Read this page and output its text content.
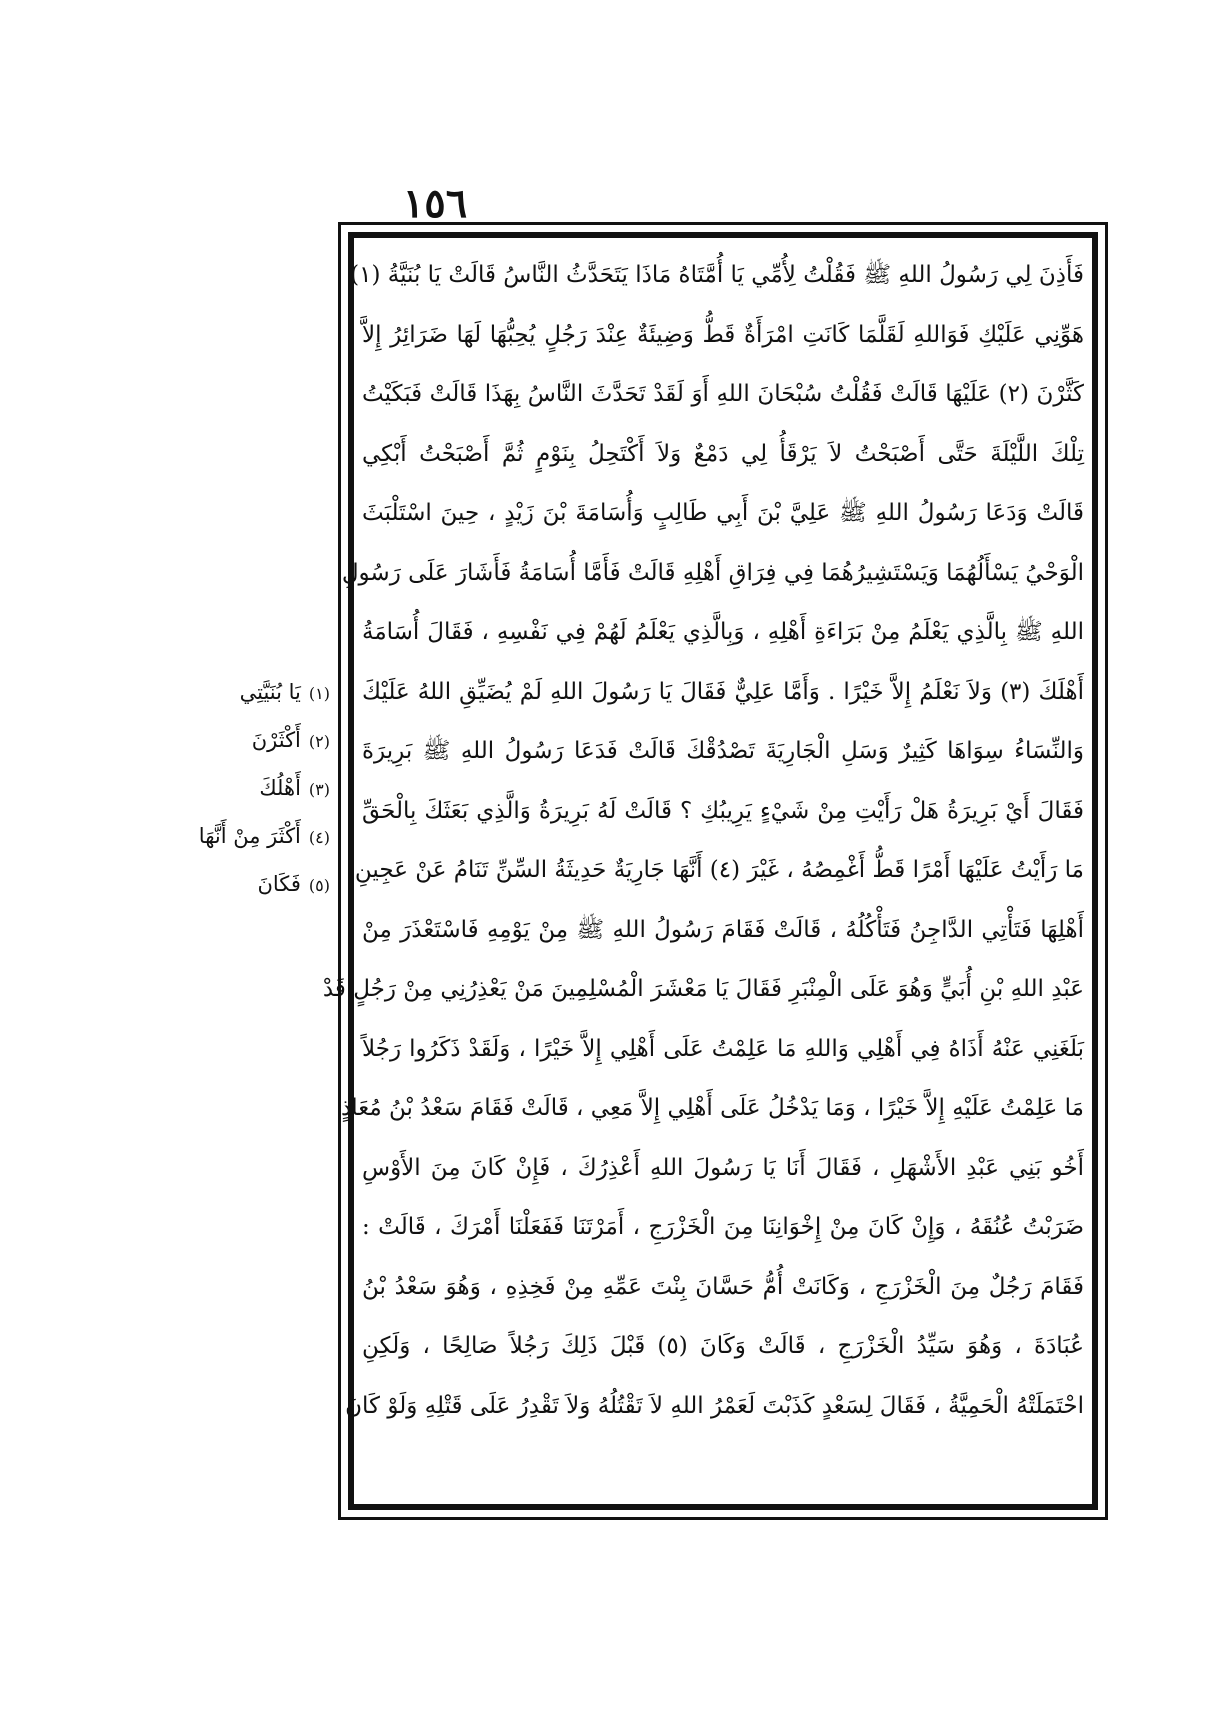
١٥٦
فَأَذِنَ لِي رَسُولُ اللهِ ﷺ فَقُلْتُ لِأُمِّي يَا أُمَّتَاهُ مَاذَا يَتَحَدَّثُ النَّاسُ قَالَتْ يَا بُنَيَّةُ (١)
هَوِّنِي عَلَيْكِ فَوَاللهِ لَقَلَّمَا كَانَتِ امْرَأَةٌ قَطُّ وَضِيئَةٌ عِنْدَ رَجُلٍ يُحِبُّهَا لَهَا ضَرَائِرُ إِلاَّ
كَثَّرْنَ (٢) عَلَيْهَا قَالَتْ فَقُلْتُ سُبْحَانَ اللهِ أَوَ لَقَدْ تَحَدَّثَ النَّاسُ بِهَذَا قَالَتْ فَبَكَيْتُ
تِلْكَ اللَّيْلَةَ حَتَّى أَصْبَحْتُ لاَ يَرْقَأُ لِي دَمْعٌ وَلاَ أَكْتَحِلُ بِنَوْمٍ ثُمَّ أَصْبَحْتُ أَبْكِي
قَالَتْ وَدَعَا رَسُولُ اللهِ ﷺ عَلِيَّ بْنَ أَبِي طَالِبٍ وَأُسَامَةَ بْنَ زَيْدٍ ، حِينَ اسْتَلْبَثَ
الْوَحْيُ يَسْأَلُهُمَا وَيَسْتَشِيرُهُمَا فِي فِرَاقِ أَهْلِهِ قَالَتْ فَأَمَّا أُسَامَةُ فَأَشَارَ عَلَى رَسُولِ
اللهِ ﷺ بِالَّذِي يَعْلَمُ مِنْ بَرَاءَةِ أَهْلِهِ ، وَبِالَّذِي يَعْلَمُ لَهُمْ فِي نَفْسِهِ ، فَقَالَ أُسَامَةُ
أَهْلَكَ (٣) وَلاَ نَعْلَمُ إِلاَّ خَيْرًا . وَأَمَّا عَلِيٌّ فَقَالَ يَا رَسُولَ اللهِ لَمْ يُضَيِّقِ اللهُ عَلَيْكَ
وَالنِّسَاءُ سِوَاهَا كَثِيرٌ وَسَلِ الْجَارِيَةَ تَصْدُقْكَ قَالَتْ فَدَعَا رَسُولُ اللهِ ﷺ بَرِيرَةَ
فَقَالَ أَيْ بَرِيرَةُ هَلْ رَأَيْتِ مِنْ شَيْءٍ يَرِيبُكِ ؟ قَالَتْ لَهُ بَرِيرَةُ وَالَّذِي بَعَثَكَ بِالْحَقِّ
مَا رَأَيْتُ عَلَيْهَا أَمْرًا قَطُّ أَغْمِصُهُ ، غَيْرَ (٤) أَنَّهَا جَارِيَةٌ حَدِيثَةُ السِّنِّ تَنَامُ عَنْ عَجِينِ
أَهْلِهَا فَتَأْتِي الدَّاجِنُ فَتَأْكُلُهُ ، قَالَتْ فَقَامَ رَسُولُ اللهِ ﷺ مِنْ يَوْمِهِ فَاسْتَعْذَرَ مِنْ
عَبْدِ اللهِ بْنِ أُبَيٍّ وَهُوَ عَلَى الْمِنْبَرِ فَقَالَ يَا مَعْشَرَ الْمُسْلِمِينَ مَنْ يَعْذِرُنِي مِنْ رَجُلٍ قَدْ
بَلَغَنِي عَنْهُ أَذَاهُ فِي أَهْلِي وَاللهِ مَا عَلِمْتُ عَلَى أَهْلِي إِلاَّ خَيْرًا ، وَلَقَدْ ذَكَرُوا رَجُلاً
مَا عَلِمْتُ عَلَيْهِ إِلاَّ خَيْرًا ، وَمَا يَدْخُلُ عَلَى أَهْلِي إِلاَّ مَعِي ، قَالَتْ فَقَامَ سَعْدُ بْنُ مُعَاذٍ
أَخُو بَنِي عَبْدِ الأَشْهَلِ ، فَقَالَ أَنَا يَا رَسُولَ اللهِ أَعْذِرُكَ ، فَإِنْ كَانَ مِنَ الأَوْسِ
ضَرَبْتُ عُنُقَهُ ، وَإِنْ كَانَ مِنْ إِخْوَانِنَا مِنَ الْخَزْرَجِ ، أَمَرْتَنَا فَفَعَلْنَا أَمْرَكَ ، قَالَتْ :
فَقَامَ رَجُلٌ مِنَ الْخَزْرَجِ ، وَكَانَتْ أُمُّ حَسَّانَ بِنْتَ عَمِّهِ مِنْ فَخِذِهِ ، وَهُوَ سَعْدُ بْنُ
عُبَادَةَ ، وَهُوَ سَيِّدُ الْخَزْرَجِ ، قَالَتْ وَكَانَ (٥) قَبْلَ ذَلِكَ رَجُلاً صَالِحًا ، وَلَكِنِ
احْتَمَلَتْهُ الْحَمِيَّةُ ، فَقَالَ لِسَعْدٍ كَذَبْتَ لَعَمْرُ اللهِ لاَ تَقْتُلُهُ وَلاَ تَقْدِرُ عَلَى قَتْلِهِ وَلَوْ كَانَ
(١)يَا بُنَيَّتِي
(٢)أَكْثَرْنَ
(٣)أَهْلُكَ
(٤)أَكْثَرَ مِنْ أَنَّهَا
(٥)فَكَانَ
